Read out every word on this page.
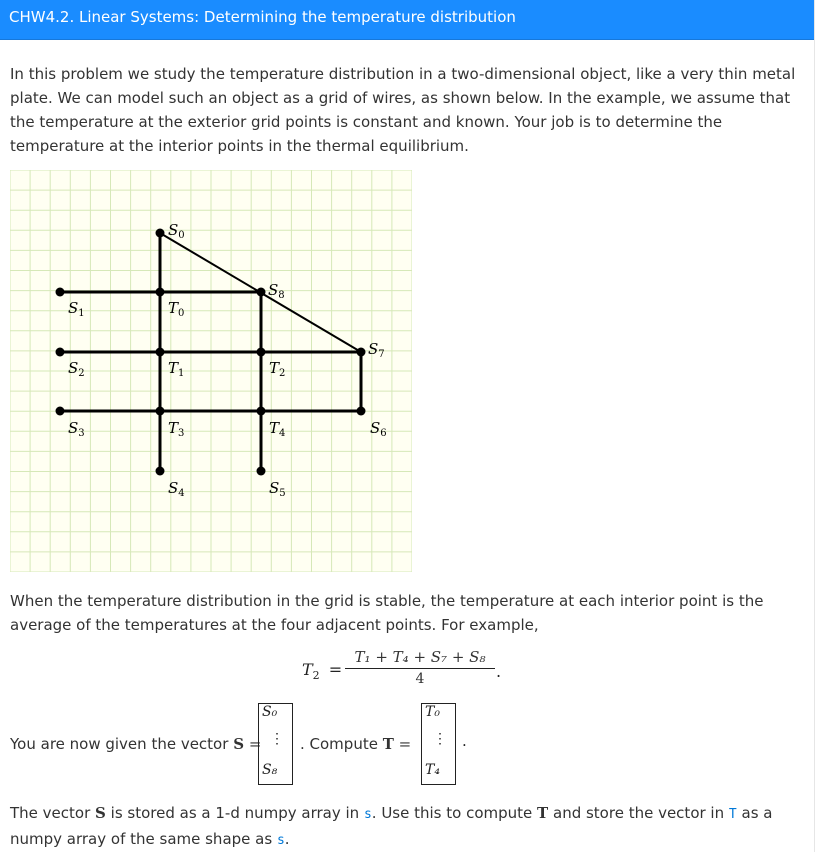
CHW4.2. Linear Systems: Determining the temperature distribution
In this problem we study the temperature distribution in a two-dimensional object, like a very thin metal plate. We can model such an object as a grid of wires, as shown below. In the example, we assume that the temperature at the exterior grid points is constant and known. Your job is to determine the temperature at the interior points in the thermal equilibrium.
$S_0$
$S_1$	$T_0$
$S_8$
$S_2$	$T_1$	$T_2$
$S_7$
$S_3$	$T_3$	$T_4$	$S_6$
$S_4$	$S_5$
When the temperature distribution in the grid is stable, the temperature at each interior point is the average of the temperatures at the four adjacent points. For example,
$T_2$ =
T₁ + T₄ + S₇ + S₈
4	.
You are now given the vector S =
S₀
⋮
S₈
. Compute T =
T₀
⋮
T₄
.
The vector S is stored as a 1-d numpy array in s. Use this to compute T and store the vector in T as a numpy array of the same shape as s.
